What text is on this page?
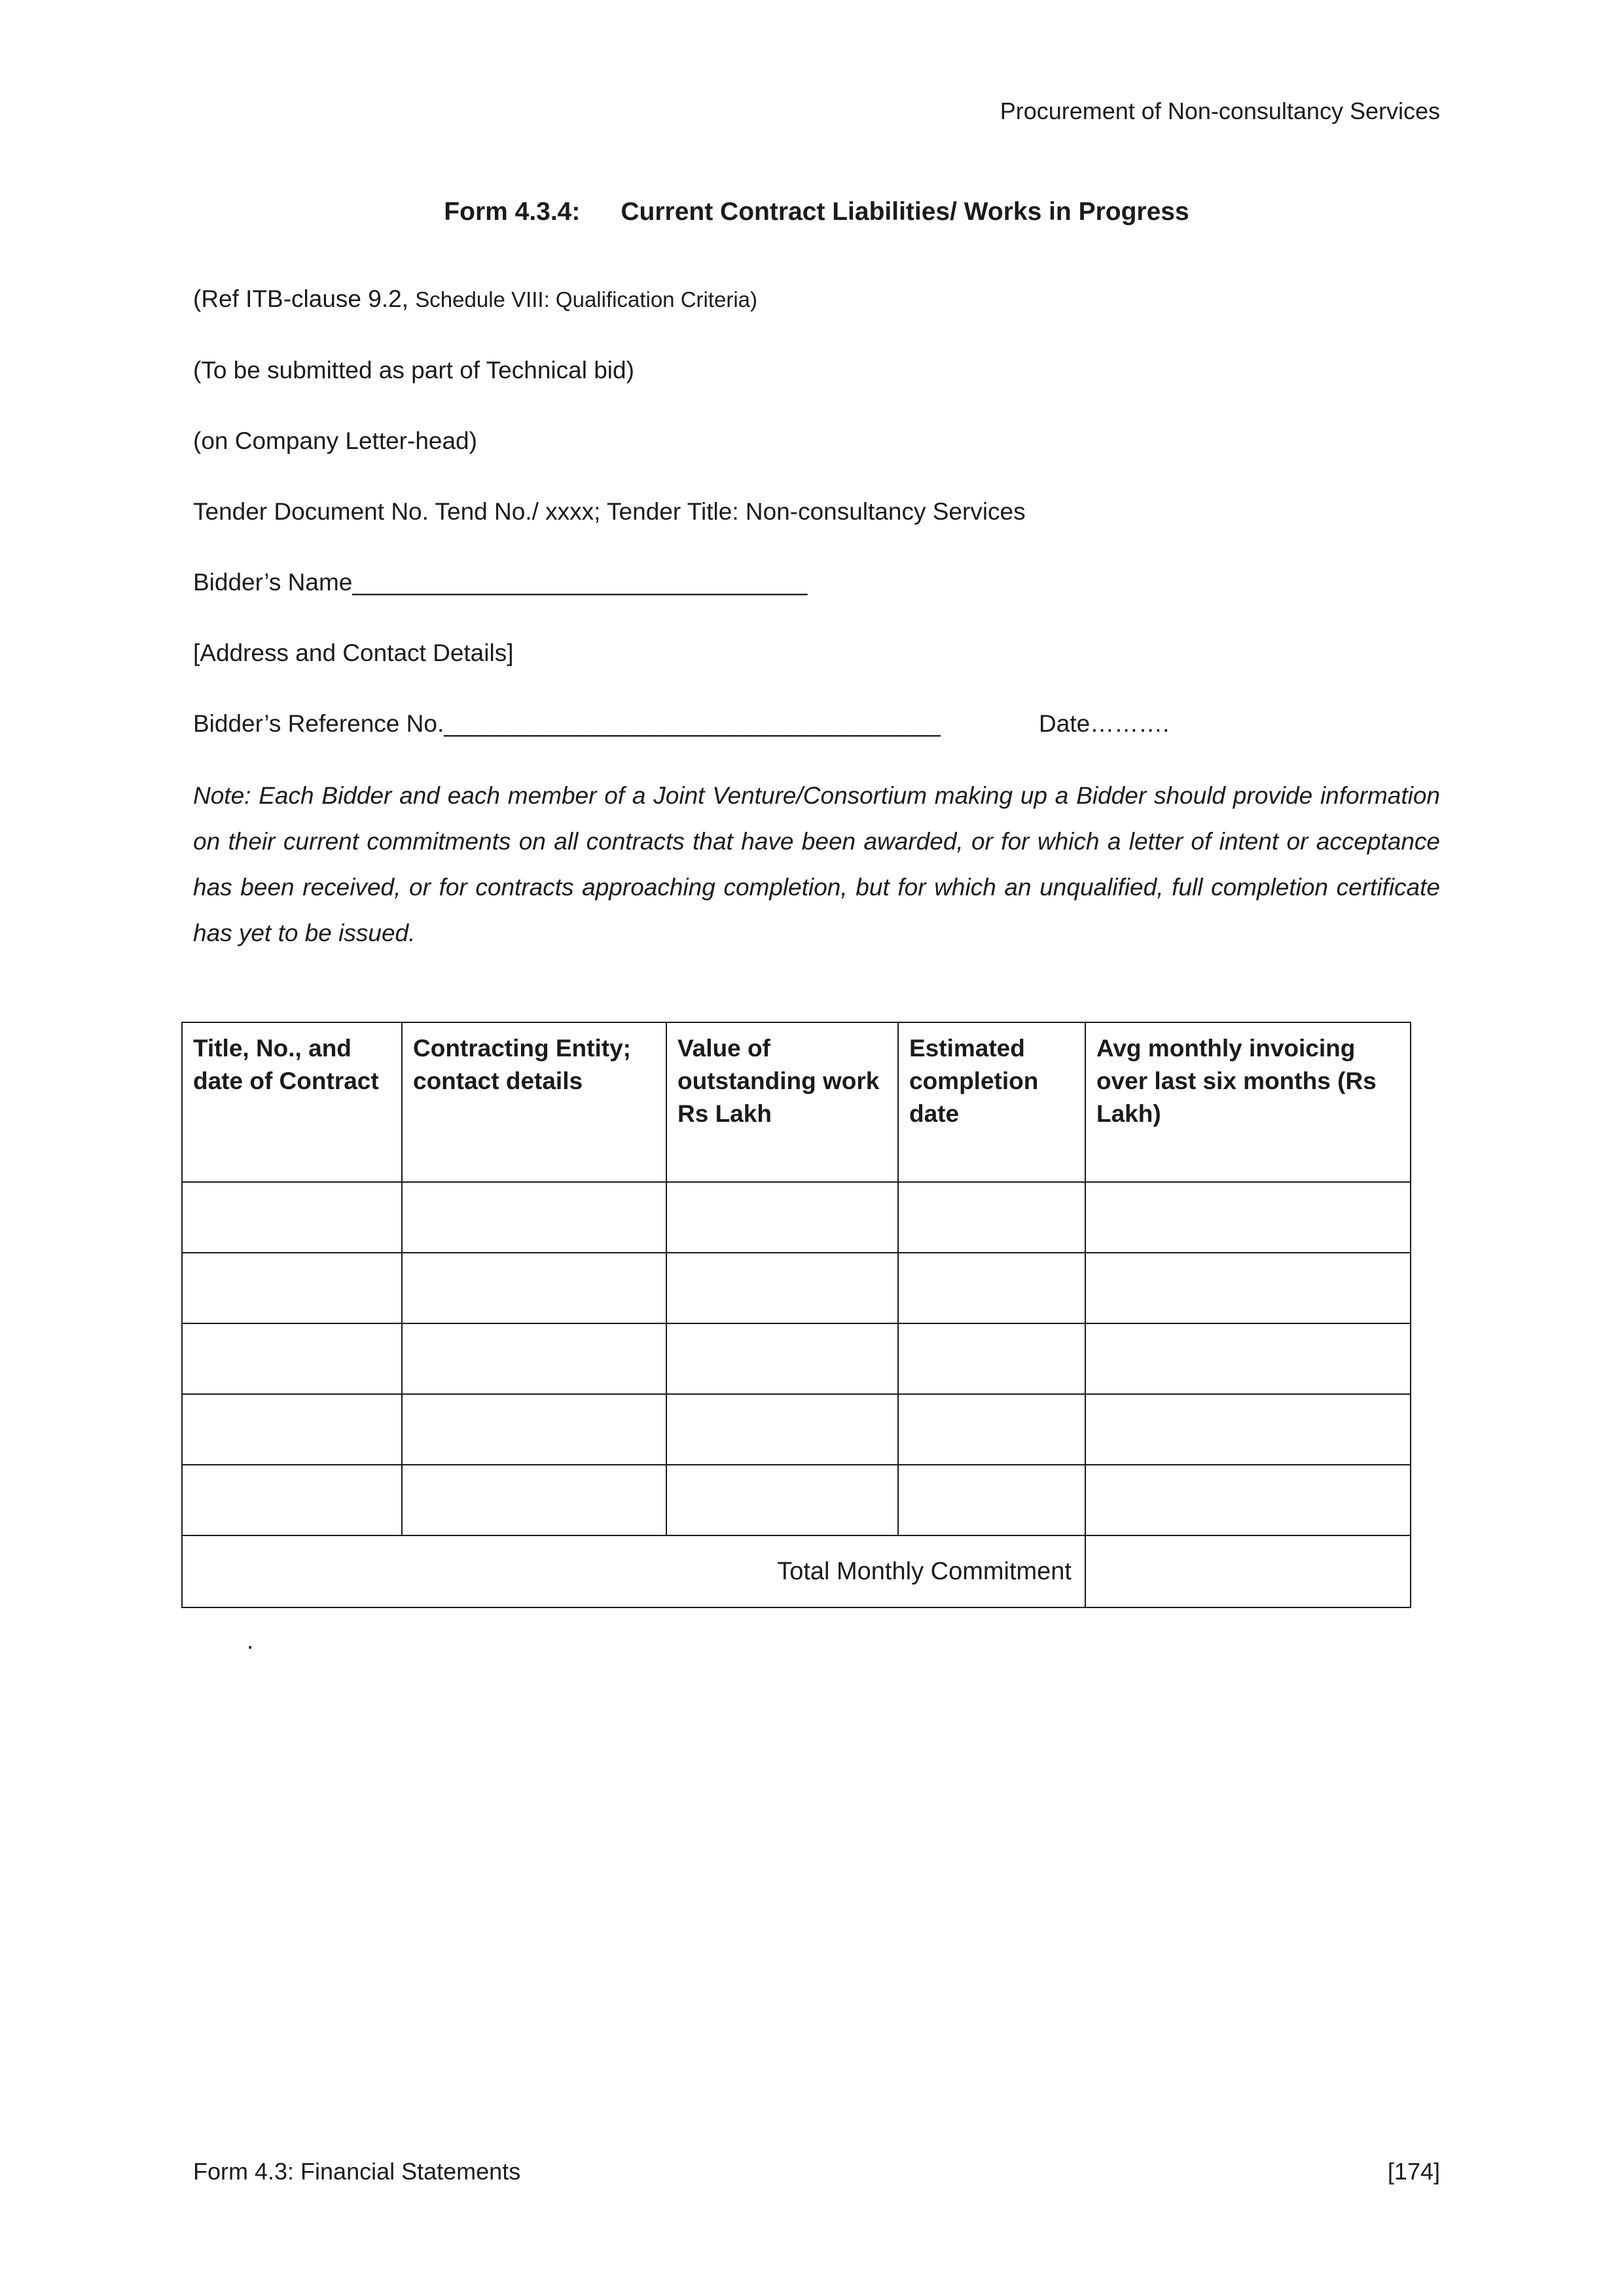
Procurement of Non-consultancy Services
Form 4.3.4: Current Contract Liabilities/ Works in Progress
(Ref ITB-clause 9.2, Schedule VIII: Qualification Criteria)
(To be submitted as part of Technical bid)
(on Company Letter-head)
Tender Document No. Tend No./ xxxx; Tender Title: Non-consultancy Services
Bidder’s Name_________________________________
[Address and Contact Details]
Bidder’s Reference No.____________________________________	Date……….
Note: Each Bidder and each member of a Joint Venture/Consortium making up a Bidder should provide information on their current commitments on all contracts that have been awarded, or for which a letter of intent or acceptance has been received, or for contracts approaching completion, but for which an unqualified, full completion certificate has yet to be issued.
Title, No., and date of Contract	Contracting Entity; contact details	Value of outstanding work Rs Lakh	Estimated completion date	Avg monthly invoicing over last six months (Rs Lakh)

Total Monthly Commitment				
.
Form 4.3: Financial Statements	[174]
